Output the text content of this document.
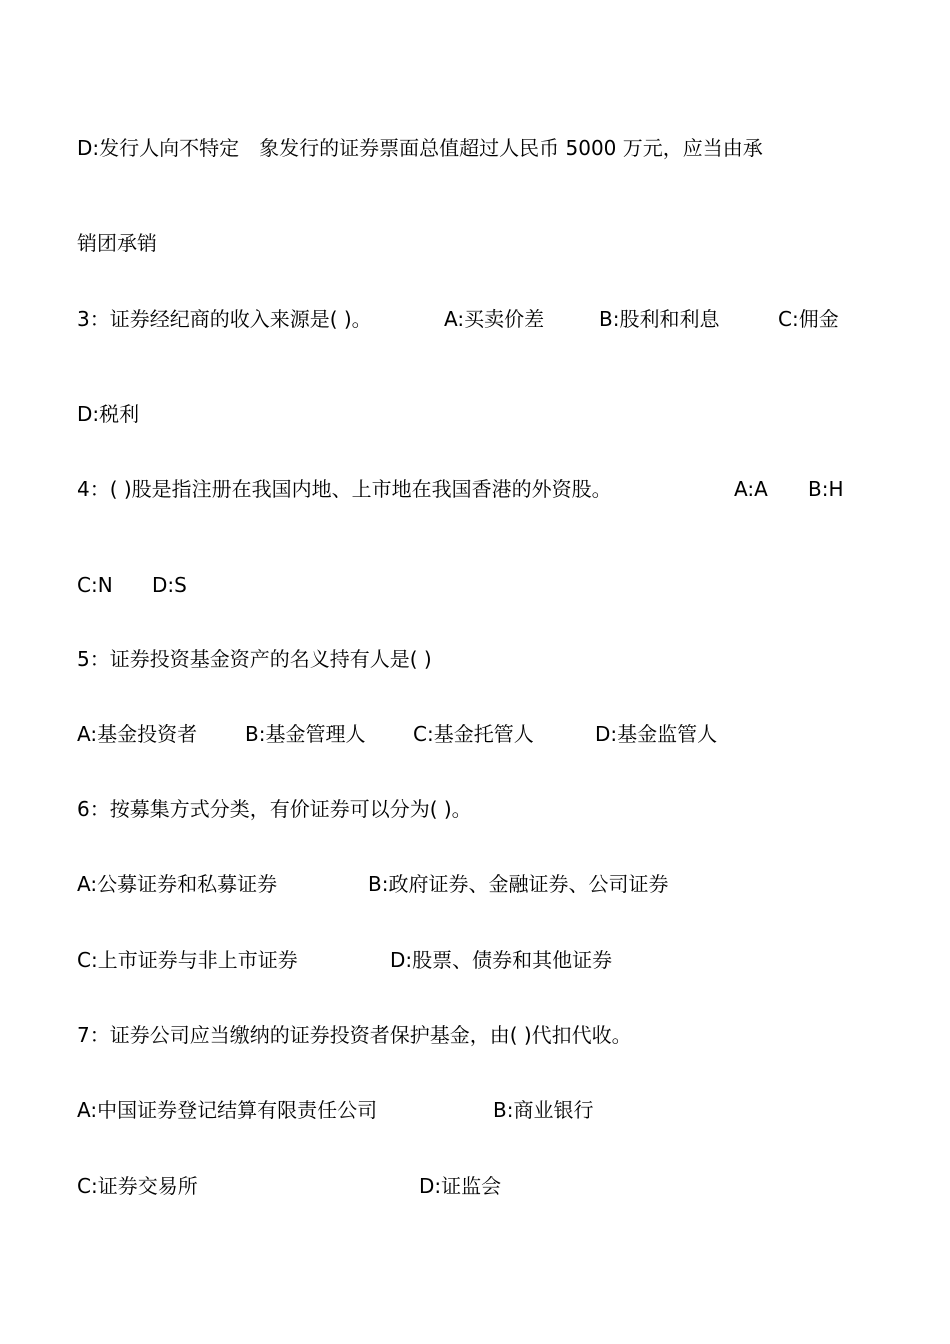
D:发行人向不特定　象发行的证券票面总值超过人民币 5000 万元，应当由承

销团承销

3：证券经纪商的收入来源是( )。

	A:买卖价差

	B:股利和利息

	C:佣金

D:税利

4：( )股是指注册在我国内地、上市地在我国香港的外资股。

	A:A

B:H

C:N

D:S

5：证券投资基金资产的名义持有人是( )

A:基金投资者

B:基金管理人

C:基金托管人

	D:基金监管人

6：按募集方式分类，有价证券可以分为( )。

A:公募证券和私募证券

	B:政府证券、金融证券、公司证券

C:上市证券与非上市证券

	D:股票、债券和其他证券

7：证券公司应当缴纳的证券投资者保护基金，由( )代扣代收。

A:中国证券登记结算有限责任公司

	B:商业银行

C:证券交易所

	D:证监会
